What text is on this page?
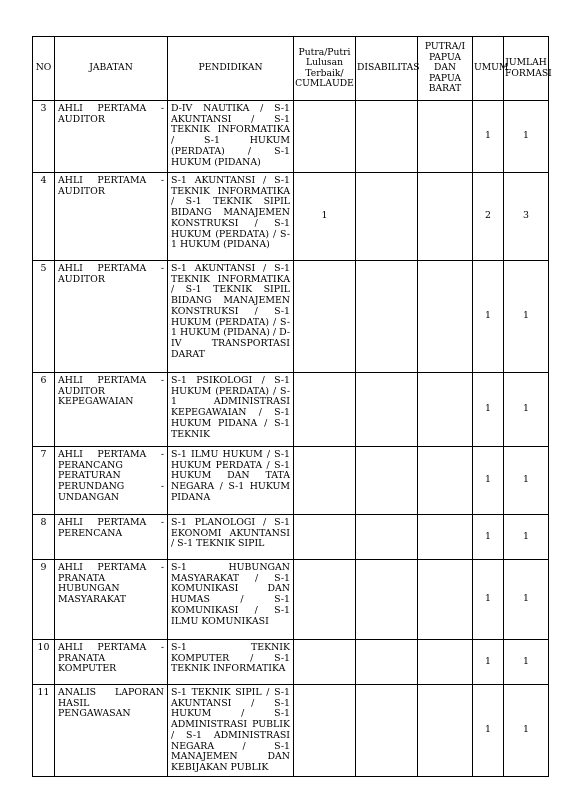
NO	JABATAN	PENDIDIKAN	Putra/Putri Lulusan Terbaik/ CUMLAUDE	DISABILITAS	PUTRA/I PAPUA DAN PAPUA BARAT	UMUM	JUMLAH FORMASI
3	AHLI PERTAMA - AUDITOR	D-IV NAUTIKA / S-1 AKUNTANSI / S-1 TEKNIK INFORMATIKA / S-1 HUKUM (PERDATA) / S-1 HUKUM (PIDANA)				1	1
4	AHLI PERTAMA - AUDITOR	S-1 AKUNTANSI / S-1 TEKNIK INFORMATIKA / S-1 TEKNIK SIPIL BIDANG MANAJEMEN KONSTRUKSI / S-1 HUKUM (PERDATA) / S-1 HUKUM (PIDANA)	1			2	3
5	AHLI PERTAMA - AUDITOR	S-1 AKUNTANSI / S-1 TEKNIK INFORMATIKA / S-1 TEKNIK SIPIL BIDANG MANAJEMEN KONSTRUKSI / S-1 HUKUM (PERDATA) / S-1 HUKUM (PIDANA) / D-IV TRANSPORTASI DARAT				1	1
6	AHLI PERTAMA - AUDITOR KEPEGAWAIAN	S-1 PSIKOLOGI / S-1 HUKUM (PERDATA) / S-1 ADMINISTRASI KEPEGAWAIAN / S-1 HUKUM PIDANA / S-1 TEKNIK				1	1
7	AHLI PERTAMA - PERANCANG PERATURAN PERUNDANG - UNDANGAN	S-1 ILMU HUKUM / S-1 HUKUM PERDATA / S-1 HUKUM DAN TATA NEGARA / S-1 HUKUM PIDANA				1	1
8	AHLI PERTAMA - PERENCANA	S-1 PLANOLOGI / S-1 EKONOMI AKUNTANSI / S-1 TEKNIK SIPIL				1	1
9	AHLI PERTAMA - PRANATA HUBUNGAN MASYARAKAT	S-1 HUBUNGAN MASYARAKAT / S-1 KOMUNIKASI DAN HUMAS / S-1 KOMUNIKASI / S-1 ILMU KOMUNIKASI				1	1
10	AHLI PERTAMA - PRANATA KOMPUTER	S-1 TEKNIK KOMPUTER / S-1 TEKNIK INFORMATIKA				1	1
11	ANALIS LAPORAN HASIL PENGAWASAN	S-1 TEKNIK SIPIL / S-1 AKUNTANSI / S-1 HUKUM / S-1 ADMINISTRASI PUBLIK / S-1 ADMINISTRASI NEGARA / S-1 MANAJEMEN DAN KEBIJAKAN PUBLIK				1	1
